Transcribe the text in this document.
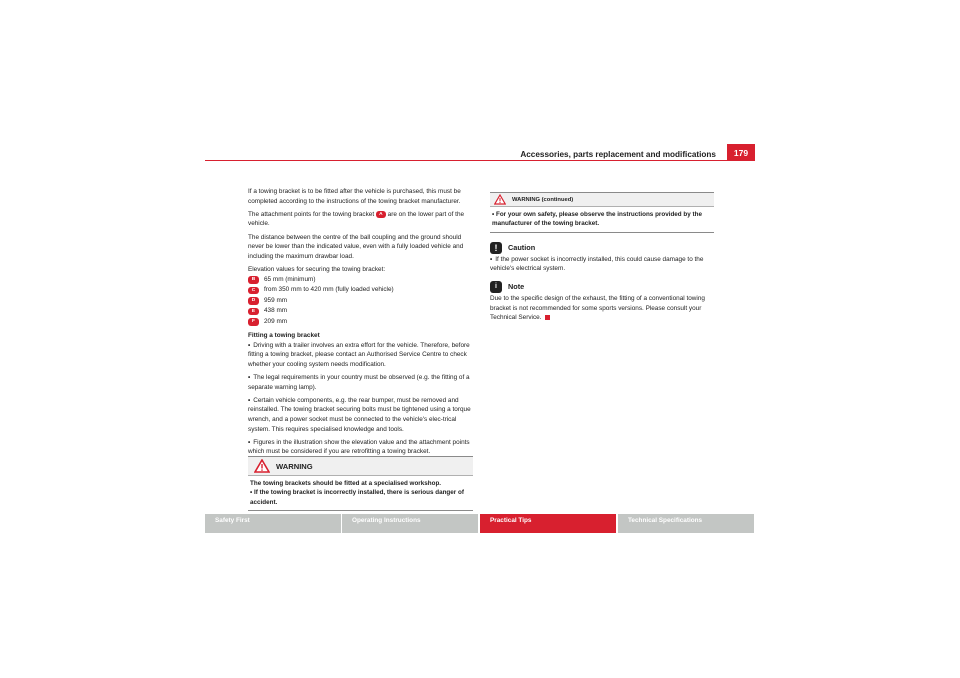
Accessories, parts replacement and modifications	179

If a towing bracket is to be fitted after the vehicle is purchased, this must be completed according to the instructions of the towing bracket manufacturer.

The attachment points for the towing bracket A are on the lower part of the vehicle.

The distance between the centre of the ball coupling and the ground should never be lower than the indicated value, even with a fully loaded vehicle and including the maximum drawbar load.

Elevation values for securing the towing bracket:

B	65 mm (minimum)
C	from 350 mm to 420 mm (fully loaded vehicle)
D	959 mm
E	438 mm
F	209 mm

Fitting a towing bracket

• Driving with a trailer involves an extra effort for the vehicle. Therefore, before fitting a towing bracket, please contact an Authorised Service Centre to check whether your cooling system needs modification.

• The legal requirements in your country must be observed (e.g. the fitting of a separate warning lamp).

• Certain vehicle components, e.g. the rear bumper, must be removed and reinstalled. The towing bracket securing bolts must be tightened using a torque wrench, and a power socket must be connected to the vehicle's elec-trical system. This requires specialised knowledge and tools.

• Figures in the illustration show the elevation value and the attachment points which must be considered if you are retrofitting a towing bracket.

WARNING
The towing brackets should be fitted at a specialised workshop.
• If the towing bracket is incorrectly installed, there is serious danger of accident.
WARNING (continued)
• For your own safety, please observe the instructions provided by the manufacturer of the towing bracket.
!	Caution

• If the power socket is incorrectly installed, this could cause damage to the vehicle's electrical system.

i	Note

Due to the specific design of the exhaust, the fitting of a conventional towing bracket is not recommended for some sports versions. Please consult your Technical Service.

Safety First	Operating Instructions	Practical Tips	Technical Specifications
